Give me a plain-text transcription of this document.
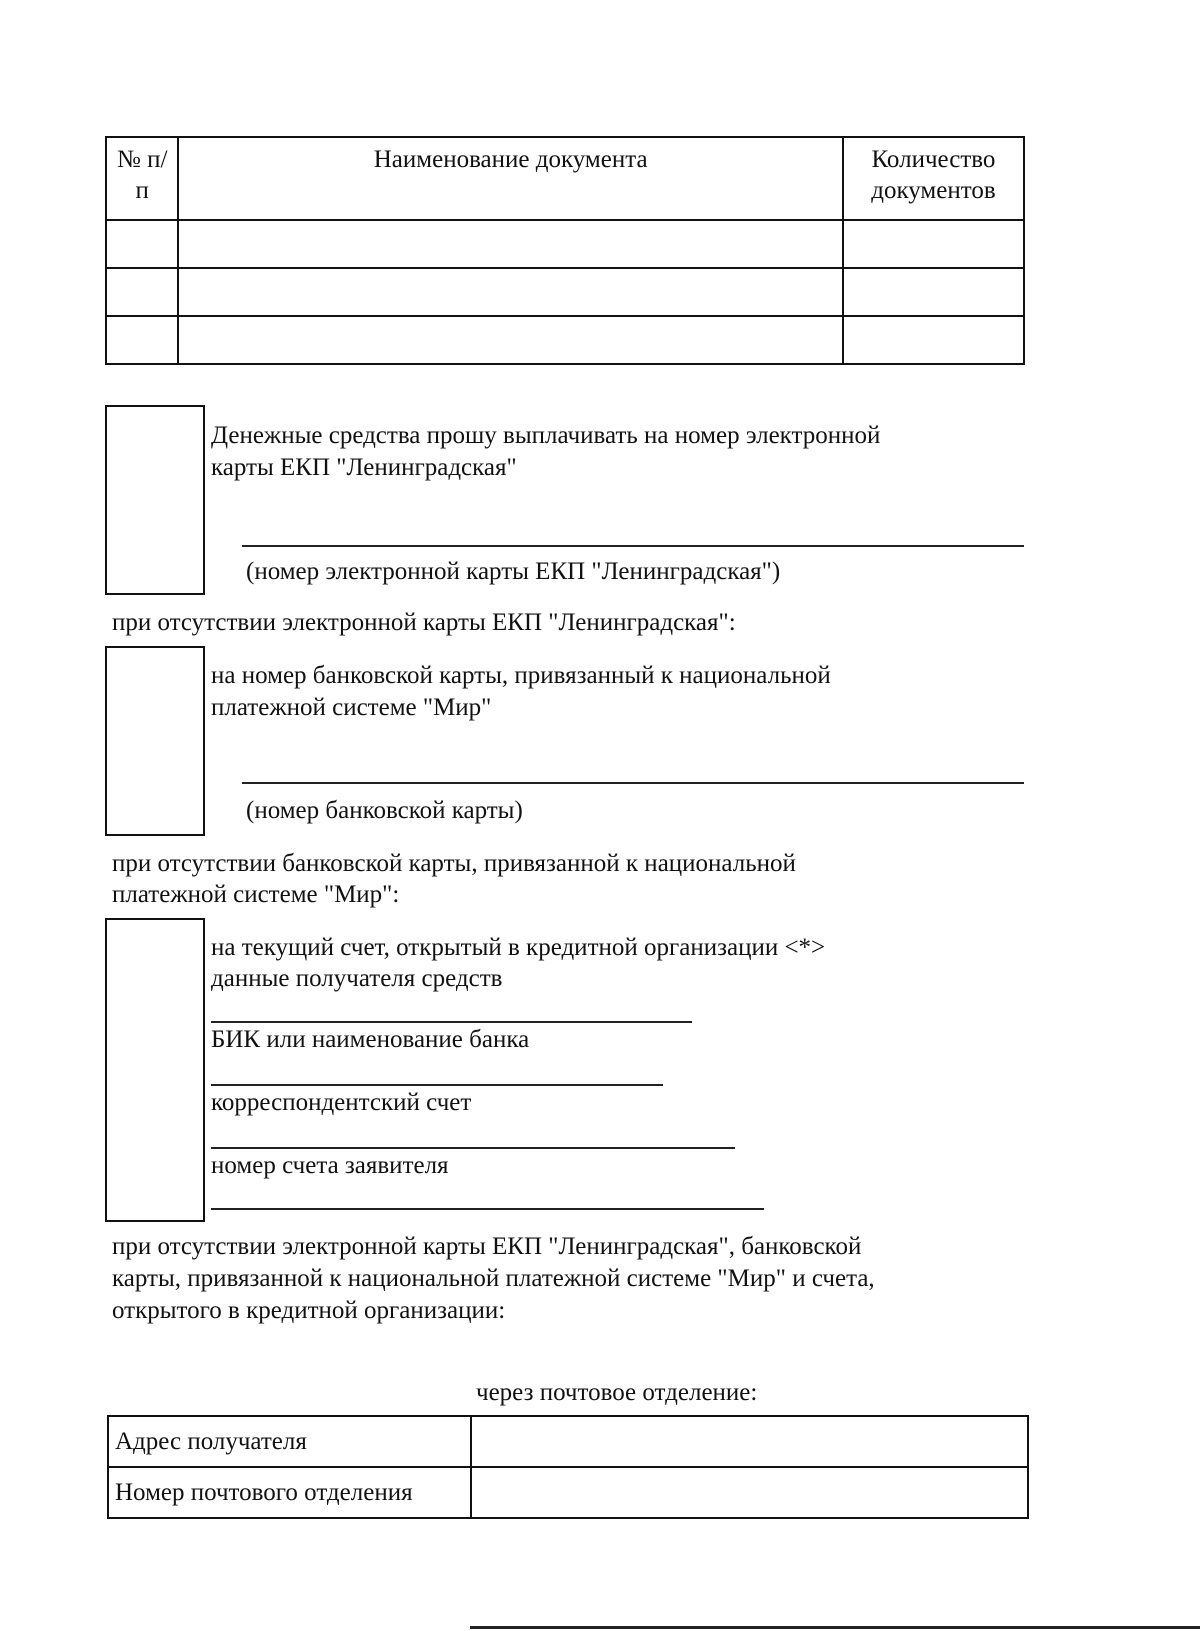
№ п/п	Наименование документа	Количество документов

Денежные средства прошу выплачивать на номер электронной
карты ЕКП "Ленинградская"
(номер электронной карты ЕКП "Ленинградская")
при отсутствии электронной карты ЕКП "Ленинградская":
на номер банковской карты, привязанный к национальной
платежной системе "Мир"
(номер банковской карты)
при отсутствии банковской карты, привязанной к национальной
платежной системе "Мир":
на текущий счет, открытый в кредитной организации <*>
данные получателя средств
БИК или наименование банка
корреспондентский счет
номер счета заявителя
при отсутствии электронной карты ЕКП "Ленинградская", банковской
карты, привязанной к национальной платежной системе "Мир" и счета,
открытого в кредитной организации:
через почтовое отделение:
Адрес получателя	
Номер почтового отделения	
